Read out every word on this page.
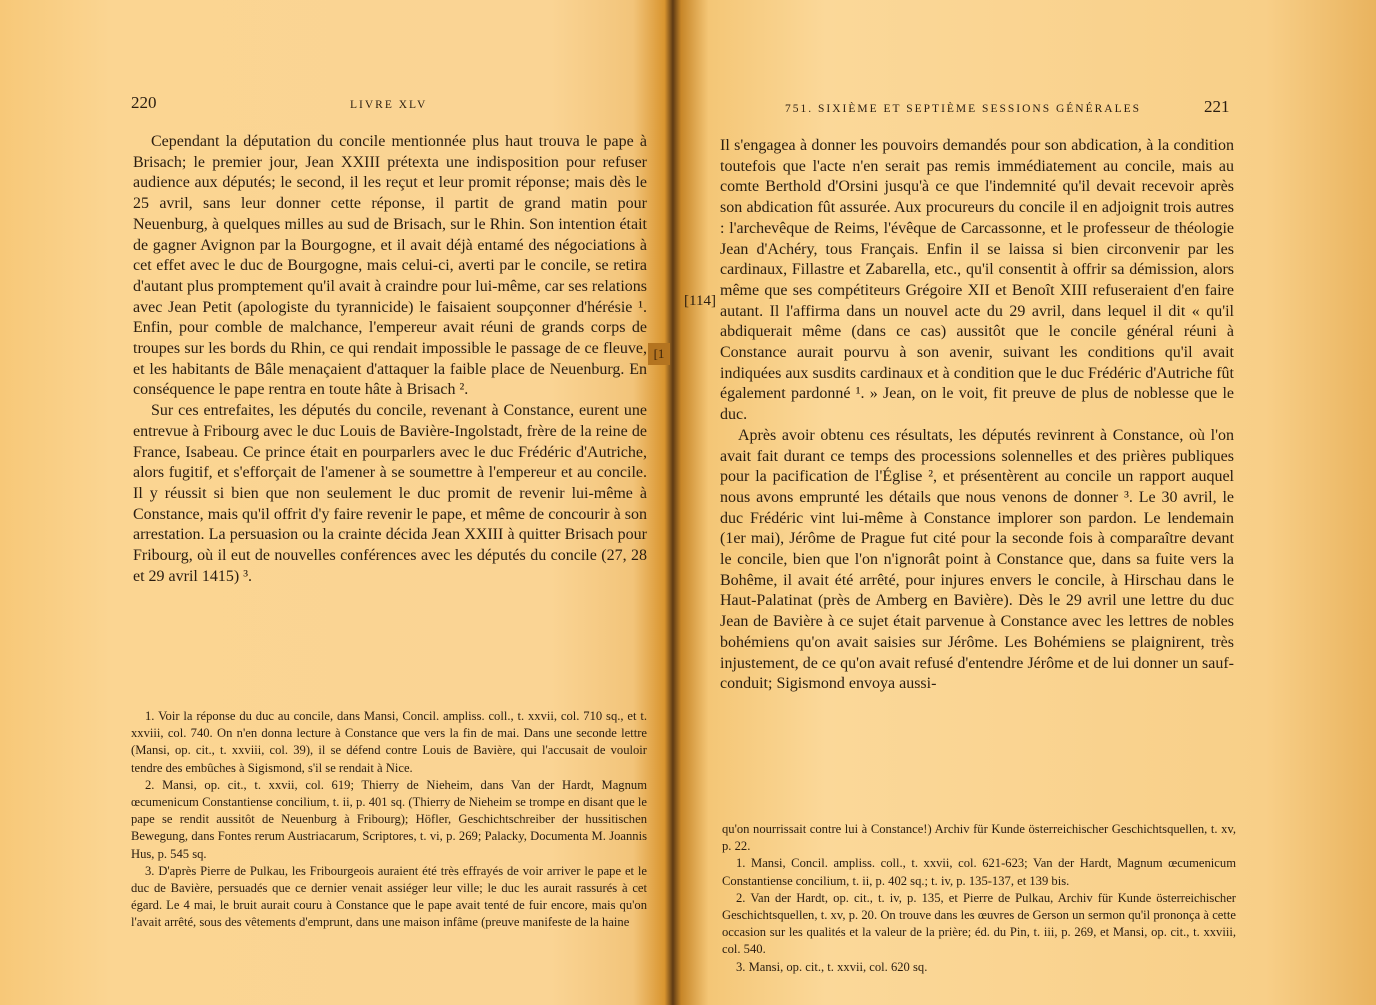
220	LIVRE XLV

Cependant la députation du concile mentionnée plus haut trouva le pape à Brisach; le premier jour, Jean XXIII prétexta une indisposition pour refuser audience aux députés; le second, il les reçut et leur promit réponse; mais dès le 25 avril, sans leur donner cette réponse, il partit de grand matin pour Neuenburg, à quelques milles au sud de Brisach, sur le Rhin. Son intention était de gagner Avignon par la Bourgogne, et il avait déjà entamé des négociations à cet effet avec le duc de Bourgogne, mais celui-ci, averti par le concile, se retira d'autant plus promptement qu'il avait à craindre pour lui-même, car ses relations avec Jean Petit (apologiste du tyrannicide) le faisaient soupçonner d'hérésie ¹. Enfin, pour comble de malchance, l'empereur avait réuni de grands corps de troupes sur les bords du Rhin, ce qui rendait impossible le passage de ce fleuve, et les habitants de Bâle menaçaient d'attaquer la faible place de Neuenburg. En conséquence le pape rentra en toute hâte à Brisach ².

Sur ces entrefaites, les députés du concile, revenant à Constance, eurent une entrevue à Fribourg avec le duc Louis de Bavière-Ingolstadt, frère de la reine de France, Isabeau. Ce prince était en pourparlers avec le duc Frédéric d'Autriche, alors fugitif, et s'efforçait de l'amener à se soumettre à l'empereur et au concile. Il y réussit si bien que non seulement le duc promit de revenir lui-même à Constance, mais qu'il offrit d'y faire revenir le pape, et même de concourir à son arrestation. La persuasion ou la crainte décida Jean XXIII à quitter Brisach pour Fribourg, où il eut de nouvelles conférences avec les députés du concile (27, 28 et 29 avril 1415) ³.

1. Voir la réponse du duc au concile, dans Mansi, Concil. ampliss. coll., t. xxvii, col. 710 sq., et t. xxviii, col. 740. On n'en donna lecture à Constance que vers la fin de mai. Dans une seconde lettre (Mansi, op. cit., t. xxviii, col. 39), il se défend contre Louis de Bavière, qui l'accusait de vouloir tendre des embûches à Sigismond, s'il se rendait à Nice.

2. Mansi, op. cit., t. xxvii, col. 619; Thierry de Nieheim, dans Van der Hardt, Magnum œcumenicum Constantiense concilium, t. ii, p. 401 sq. (Thierry de Nieheim se trompe en disant que le pape se rendit aussitôt de Neuenburg à Fribourg); Höfler, Geschichtschreiber der hussitischen Bewegung, dans Fontes rerum Austriacarum, Scriptores, t. vi, p. 269; Palacky, Documenta M. Joannis Hus, p. 545 sq.

3. D'après Pierre de Pulkau, les Fribourgeois auraient été très effrayés de voir arriver le pape et le duc de Bavière, persuadés que ce dernier venait assiéger leur ville; le duc les aurait rassurés à cet égard. Le 4 mai, le bruit aurait couru à Constance que le pape avait tenté de fuir encore, mais qu'on l'avait arrêté, sous des vêtements d'emprunt, dans une maison infâme (preuve manifeste de la haine

[1
751. SIXIÈME ET SEPTIÈME SESSIONS GÉNÉRALES	221
[114]

Il s'engagea à donner les pouvoirs demandés pour son abdication, à la condition toutefois que l'acte n'en serait pas remis immédiatement au concile, mais au comte Berthold d'Orsini jusqu'à ce que l'indemnité qu'il devait recevoir après son abdication fût assurée. Aux procureurs du concile il en adjoignit trois autres : l'archevêque de Reims, l'évêque de Carcassonne, et le professeur de théologie Jean d'Achéry, tous Français. Enfin il se laissa si bien circonvenir par les cardinaux, Fillastre et Zabarella, etc., qu'il consentit à offrir sa démission, alors même que ses compétiteurs Grégoire XII et Benoît XIII refuseraient d'en faire autant. Il l'affirma dans un nouvel acte du 29 avril, dans lequel il dit « qu'il abdiquerait même (dans ce cas) aussitôt que le concile général réuni à Constance aurait pourvu à son avenir, suivant les conditions qu'il avait indiquées aux susdits cardinaux et à condition que le duc Frédéric d'Autriche fût également pardonné ¹. » Jean, on le voit, fit preuve de plus de noblesse que le duc.

Après avoir obtenu ces résultats, les députés revinrent à Constance, où l'on avait fait durant ce temps des processions solennelles et des prières publiques pour la pacification de l'Église ², et présentèrent au concile un rapport auquel nous avons emprunté les détails que nous venons de donner ³. Le 30 avril, le duc Frédéric vint lui-même à Constance implorer son pardon. Le lendemain (1er mai), Jérôme de Prague fut cité pour la seconde fois à comparaître devant le concile, bien que l'on n'ignorât point à Constance que, dans sa fuite vers la Bohême, il avait été arrêté, pour injures envers le concile, à Hirschau dans le Haut-Palatinat (près de Amberg en Bavière). Dès le 29 avril une lettre du duc Jean de Bavière à ce sujet était parvenue à Constance avec les lettres de nobles bohémiens qu'on avait saisies sur Jérôme. Les Bohémiens se plaignirent, très injustement, de ce qu'on avait refusé d'entendre Jérôme et de lui donner un sauf-conduit; Sigismond envoya aussi-

qu'on nourrissait contre lui à Constance!) Archiv für Kunde österreichischer Geschichtsquellen, t. xv, p. 22.

1. Mansi, Concil. ampliss. coll., t. xxvii, col. 621-623; Van der Hardt, Magnum œcumenicum Constantiense concilium, t. ii, p. 402 sq.; t. iv, p. 135-137, et 139 bis.

2. Van der Hardt, op. cit., t. iv, p. 135, et Pierre de Pulkau, Archiv für Kunde österreichischer Geschichtsquellen, t. xv, p. 20. On trouve dans les œuvres de Gerson un sermon qu'il prononça à cette occasion sur les qualités et la valeur de la prière; éd. du Pin, t. iii, p. 269, et Mansi, op. cit., t. xxviii, col. 540.

3. Mansi, op. cit., t. xxvii, col. 620 sq.
